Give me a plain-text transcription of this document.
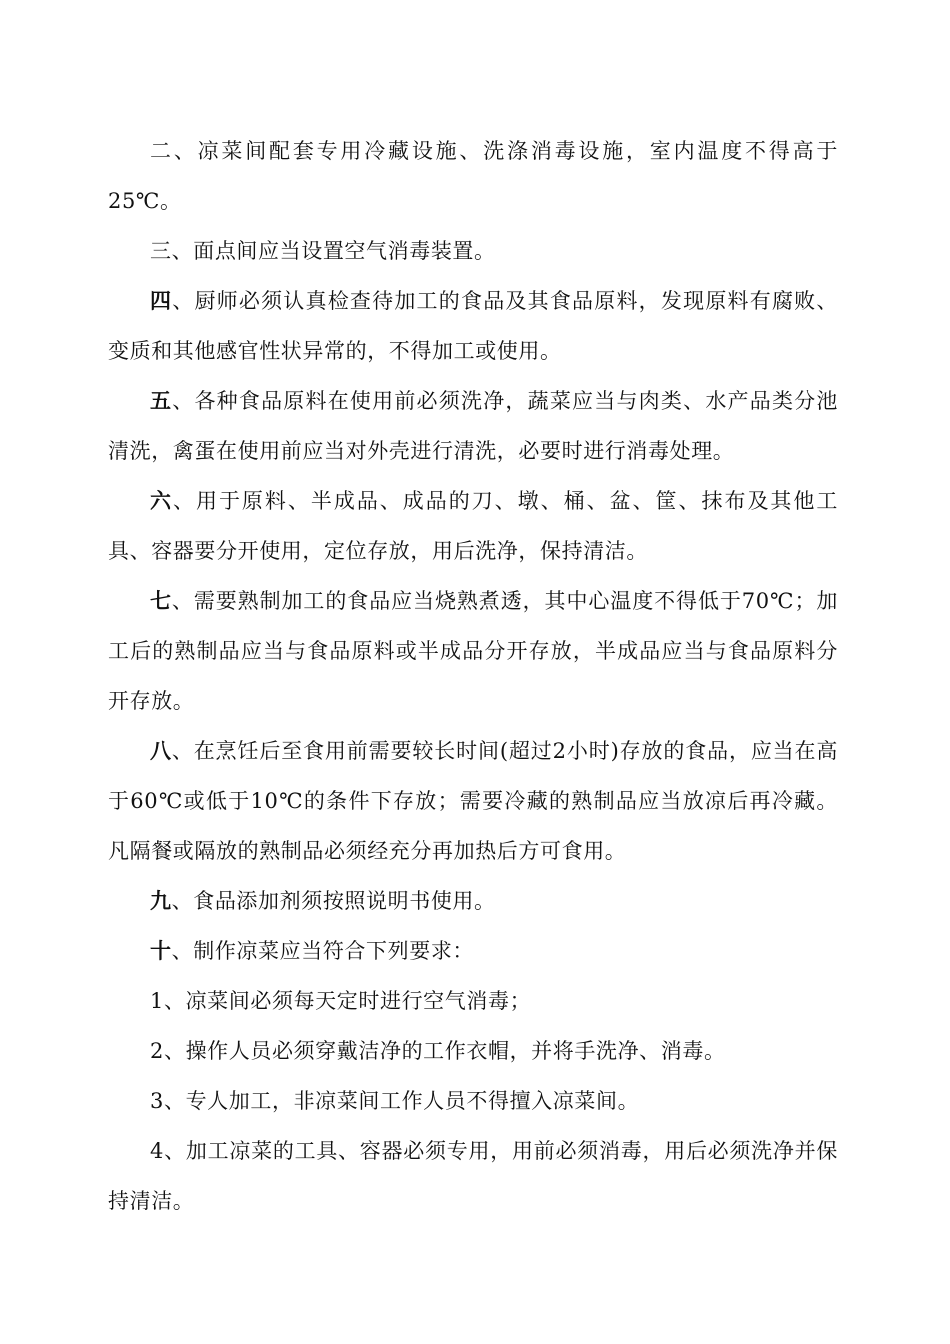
二、凉菜间配套专用冷藏设施、洗涤消毒设施，室内温度不得高于25℃。

三、面点间应当设置空气消毒装置。

四、厨师必须认真检查待加工的食品及其食品原料，发现原料有腐败、变质和其他感官性状异常的，不得加工或使用。

五、各种食品原料在使用前必须洗净，蔬菜应当与肉类、水产品类分池清洗，禽蛋在使用前应当对外壳进行清洗，必要时进行消毒处理。

六、用于原料、半成品、成品的刀、墩、桶、盆、筐、抹布及其他工具、容器要分开使用，定位存放，用后洗净，保持清洁。

七、需要熟制加工的食品应当烧熟煮透，其中心温度不得低于70℃；加工后的熟制品应当与食品原料或半成品分开存放，半成品应当与食品原料分开存放。

八、在烹饪后至食用前需要较长时间(超过2小时)存放的食品，应当在高于60℃或低于10℃的条件下存放；需要冷藏的熟制品应当放凉后再冷藏。凡隔餐或隔放的熟制品必须经充分再加热后方可食用。

九、食品添加剂须按照说明书使用。

十、制作凉菜应当符合下列要求：

1、凉菜间必须每天定时进行空气消毒；

2、操作人员必须穿戴洁净的工作衣帽，并将手洗净、消毒。

3、专人加工，非凉菜间工作人员不得擅入凉菜间。

4、加工凉菜的工具、容器必须专用，用前必须消毒，用后必须洗净并保持清洁。
